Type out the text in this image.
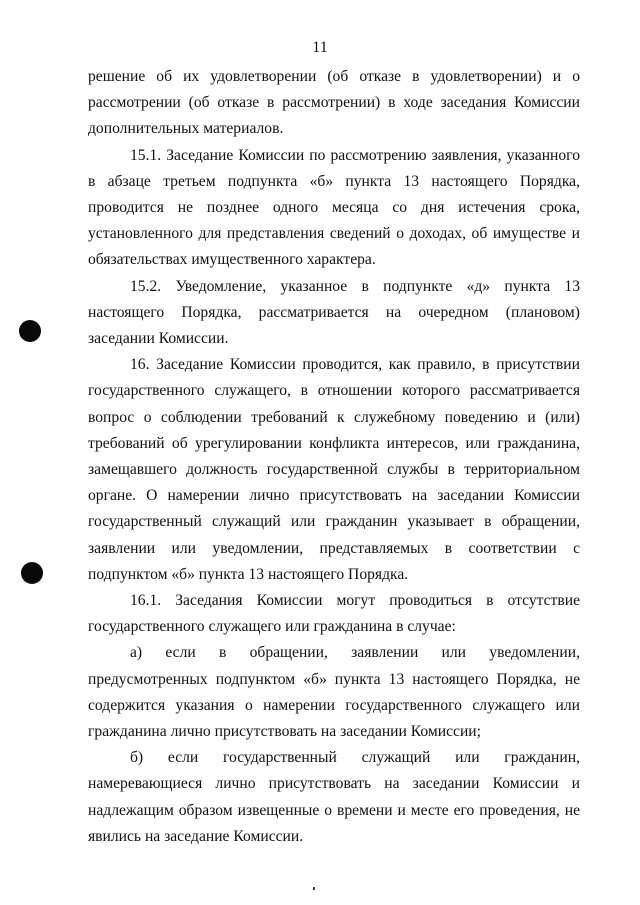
11

решение об их удовлетворении (об отказе в удовлетворении) и о рассмотрении (об отказе в рассмотрении) в ходе заседания Комиссии дополнительных материалов.

15.1. Заседание Комиссии по рассмотрению заявления, указанного в абзаце третьем подпункта «б» пункта 13 настоящего Порядка, проводится не позднее одного месяца со дня истечения срока, установленного для представления сведений о доходах, об имуществе и обязательствах имущественного характера.

15.2. Уведомление, указанное в подпункте «д» пункта 13 настоящего Порядка, рассматривается на очередном (плановом) заседании Комиссии.

16. Заседание Комиссии проводится, как правило, в присутствии государственного служащего, в отношении которого рассматривается вопрос о соблюдении требований к служебному поведению и (или) требований об урегулировании конфликта интересов, или гражданина, замещавшего должность государственной службы в территориальном органе. О намерении лично присутствовать на заседании Комиссии государственный служащий или гражданин указывает в обращении, заявлении или уведомлении, представляемых в соответствии с подпунктом «б» пункта 13 настоящего Порядка.

16.1. Заседания Комиссии могут проводиться в отсутствие государственного служащего или гражданина в случае:

а) если в обращении, заявлении или уведомлении, предусмотренных подпунктом «б» пункта 13 настоящего Порядка, не содержится указания о намерении государственного служащего или гражданина лично присутствовать на заседании Комиссии;

б) если государственный служащий или гражданин, намеревающиеся лично присутствовать на заседании Комиссии и надлежащим образом извещенные о времени и месте его проведения, не явились на заседание Комиссии.
